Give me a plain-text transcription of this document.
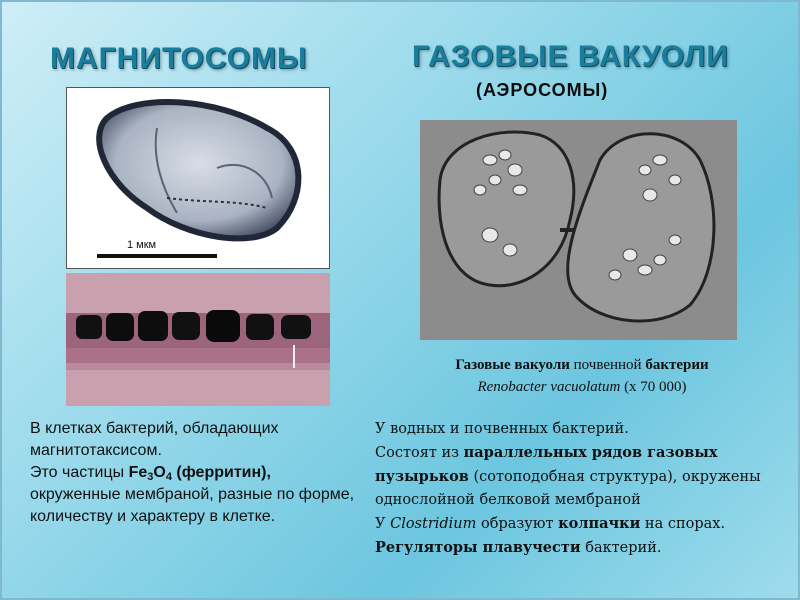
МАГНИТОСОМЫ	ГАЗОВЫЕ ВАКУОЛИ
(АЭРОСОМЫ)
1 мкм
Газовые вакуоли почвенной бактерии
Renobacter vacuolatum (х 70 000)
В клетках бактерий, обладающих магнитотаксисом.
Это частицы $Fe_3O_4$ (ферритин), окруженные мембраной, разные по форме, количеству и характеру в клетке.
У водных и почвенных бактерий.
Состоят из параллельных рядов газовых пузырьков (сотоподобная структура), окружены однослойной белковой мембраной
У Clostridium образуют колпачки на спорах.
Регуляторы плавучести бактерий.
